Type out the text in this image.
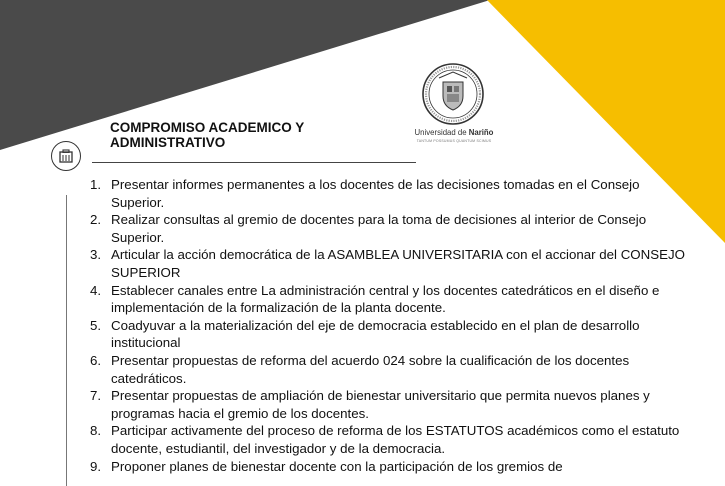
Universidad de Nariño
TANTUM POSSUMUS QUANTUM SCIMUS
COMPROMISO ACADEMICO Y ADMINISTRATIVO
1. Presentar informes permanentes a los docentes de las decisiones tomadas en el Consejo Superior.
2. Realizar consultas al gremio de docentes para la toma de decisiones al interior de Consejo Superior.
3. Articular la acción democrática de la ASAMBLEA UNIVERSITARIA con el accionar del CONSEJO SUPERIOR
4. Establecer canales entre La administración central y los docentes catedráticos en el diseño e implementación de la formalización de la planta docente.
5. Coadyuvar a la materialización del eje de democracia establecido en el plan de desarrollo institucional
6. Presentar propuestas de reforma del acuerdo 024 sobre la cualificación de los docentes catedráticos.
7. Presentar propuestas de ampliación de bienestar universitario que permita nuevos planes y programas hacia el gremio de los docentes.
8. Participar activamente del proceso de reforma de los ESTATUTOS académicos como el estatuto docente, estudiantil, del investigador y de la democracia.
9. Proponer planes de bienestar docente con la participación de los gremios de
